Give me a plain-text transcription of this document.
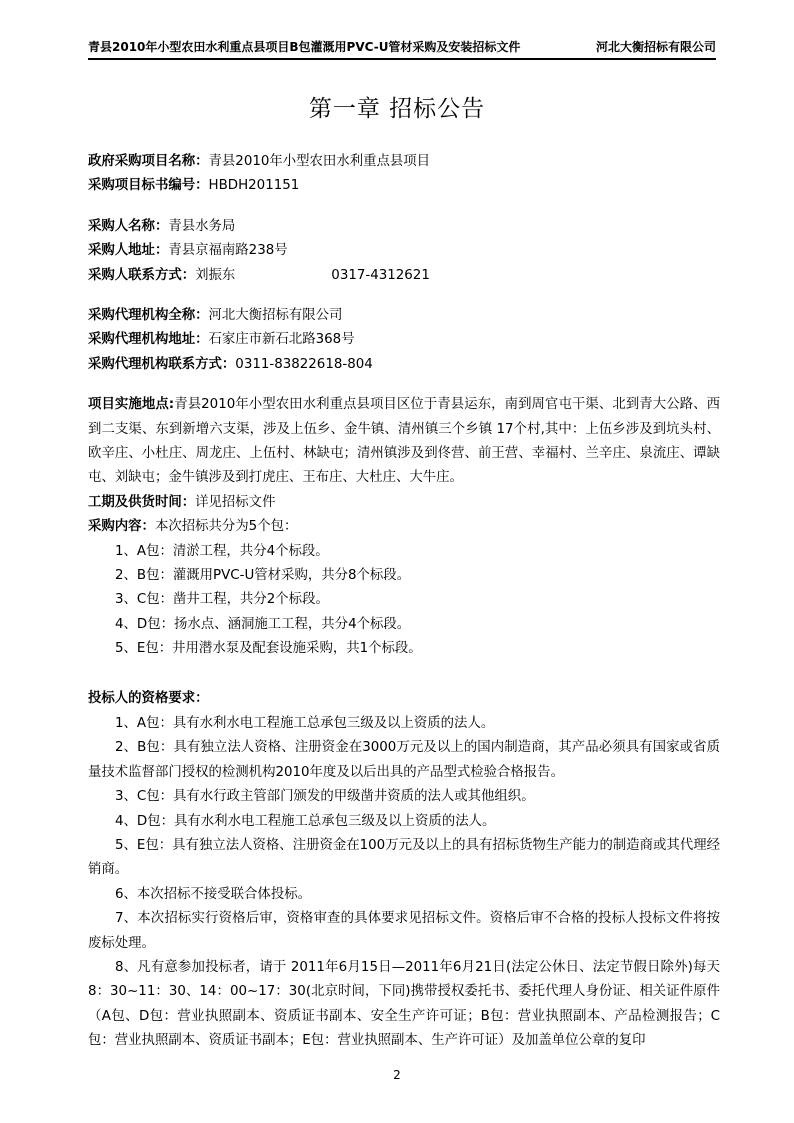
青县2010年小型农田水利重点县项目B包灌溉用PVC-U管材采购及安装招标文件	河北大衡招标有限公司
第一章 招标公告
政府采购项目名称：青县2010年小型农田水利重点县项目
采购项目标书编号：HBDH201151
采购人名称：青县水务局
采购人地址：青县京福南路238号
采购人联系方式：刘振东	0317-4312621
采购代理机构全称：河北大衡招标有限公司
采购代理机构地址：石家庄市新石北路368号
采购代理机构联系方式：0311-83822618-804
项目实施地点:青县2010年小型农田水利重点县项目区位于青县运东，南到周官屯干渠、北到青大公路、西到二支渠、东到新增六支渠，涉及上伍乡、金牛镇、清州镇三个乡镇 17个村,其中：上伍乡涉及到坑头村、欧辛庄、小杜庄、周龙庄、上伍村、林缺屯；清州镇涉及到佟营、前王营、幸福村、兰辛庄、泉流庄、谭缺屯、刘缺屯；金牛镇涉及到打虎庄、王布庄、大杜庄、大牛庄。
工期及供货时间：详见招标文件
采购内容：本次招标共分为5个包：
1、A包：清淤工程，共分4个标段。
2、B包：灌溉用PVC-U管材采购，共分8个标段。
3、C包：凿井工程，共分2个标段。
4、D包：扬水点、涵洞施工工程，共分4个标段。
5、E包：井用潜水泵及配套设施采购，共1个标段。
投标人的资格要求：
1、A包：具有水利水电工程施工总承包三级及以上资质的法人。
2、B包：具有独立法人资格、注册资金在3000万元及以上的国内制造商，其产品必须具有国家或省质量技术监督部门授权的检测机构2010年度及以后出具的产品型式检验合格报告。
3、C包：具有水行政主管部门颁发的甲级凿井资质的法人或其他组织。
4、D包：具有水利水电工程施工总承包三级及以上资质的法人。
5、E包：具有独立法人资格、注册资金在100万元及以上的具有招标货物生产能力的制造商或其代理经销商。
6、本次招标不接受联合体投标。
7、本次招标实行资格后审，资格审查的具体要求见招标文件。资格后审不合格的投标人投标文件将按废标处理。
8、凡有意参加投标者，请于 2011年6月15日—2011年6月21日(法定公休日、法定节假日除外)每天8：30~11：30、14：00~17：30(北京时间，下同)携带授权委托书、委托代理人身份证、相关证件原件（A包、D包：营业执照副本、资质证书副本、安全生产许可证；B包：营业执照副本、产品检测报告；C包：营业执照副本、资质证书副本；E包：营业执照副本、生产许可证）及加盖单位公章的复印
2
